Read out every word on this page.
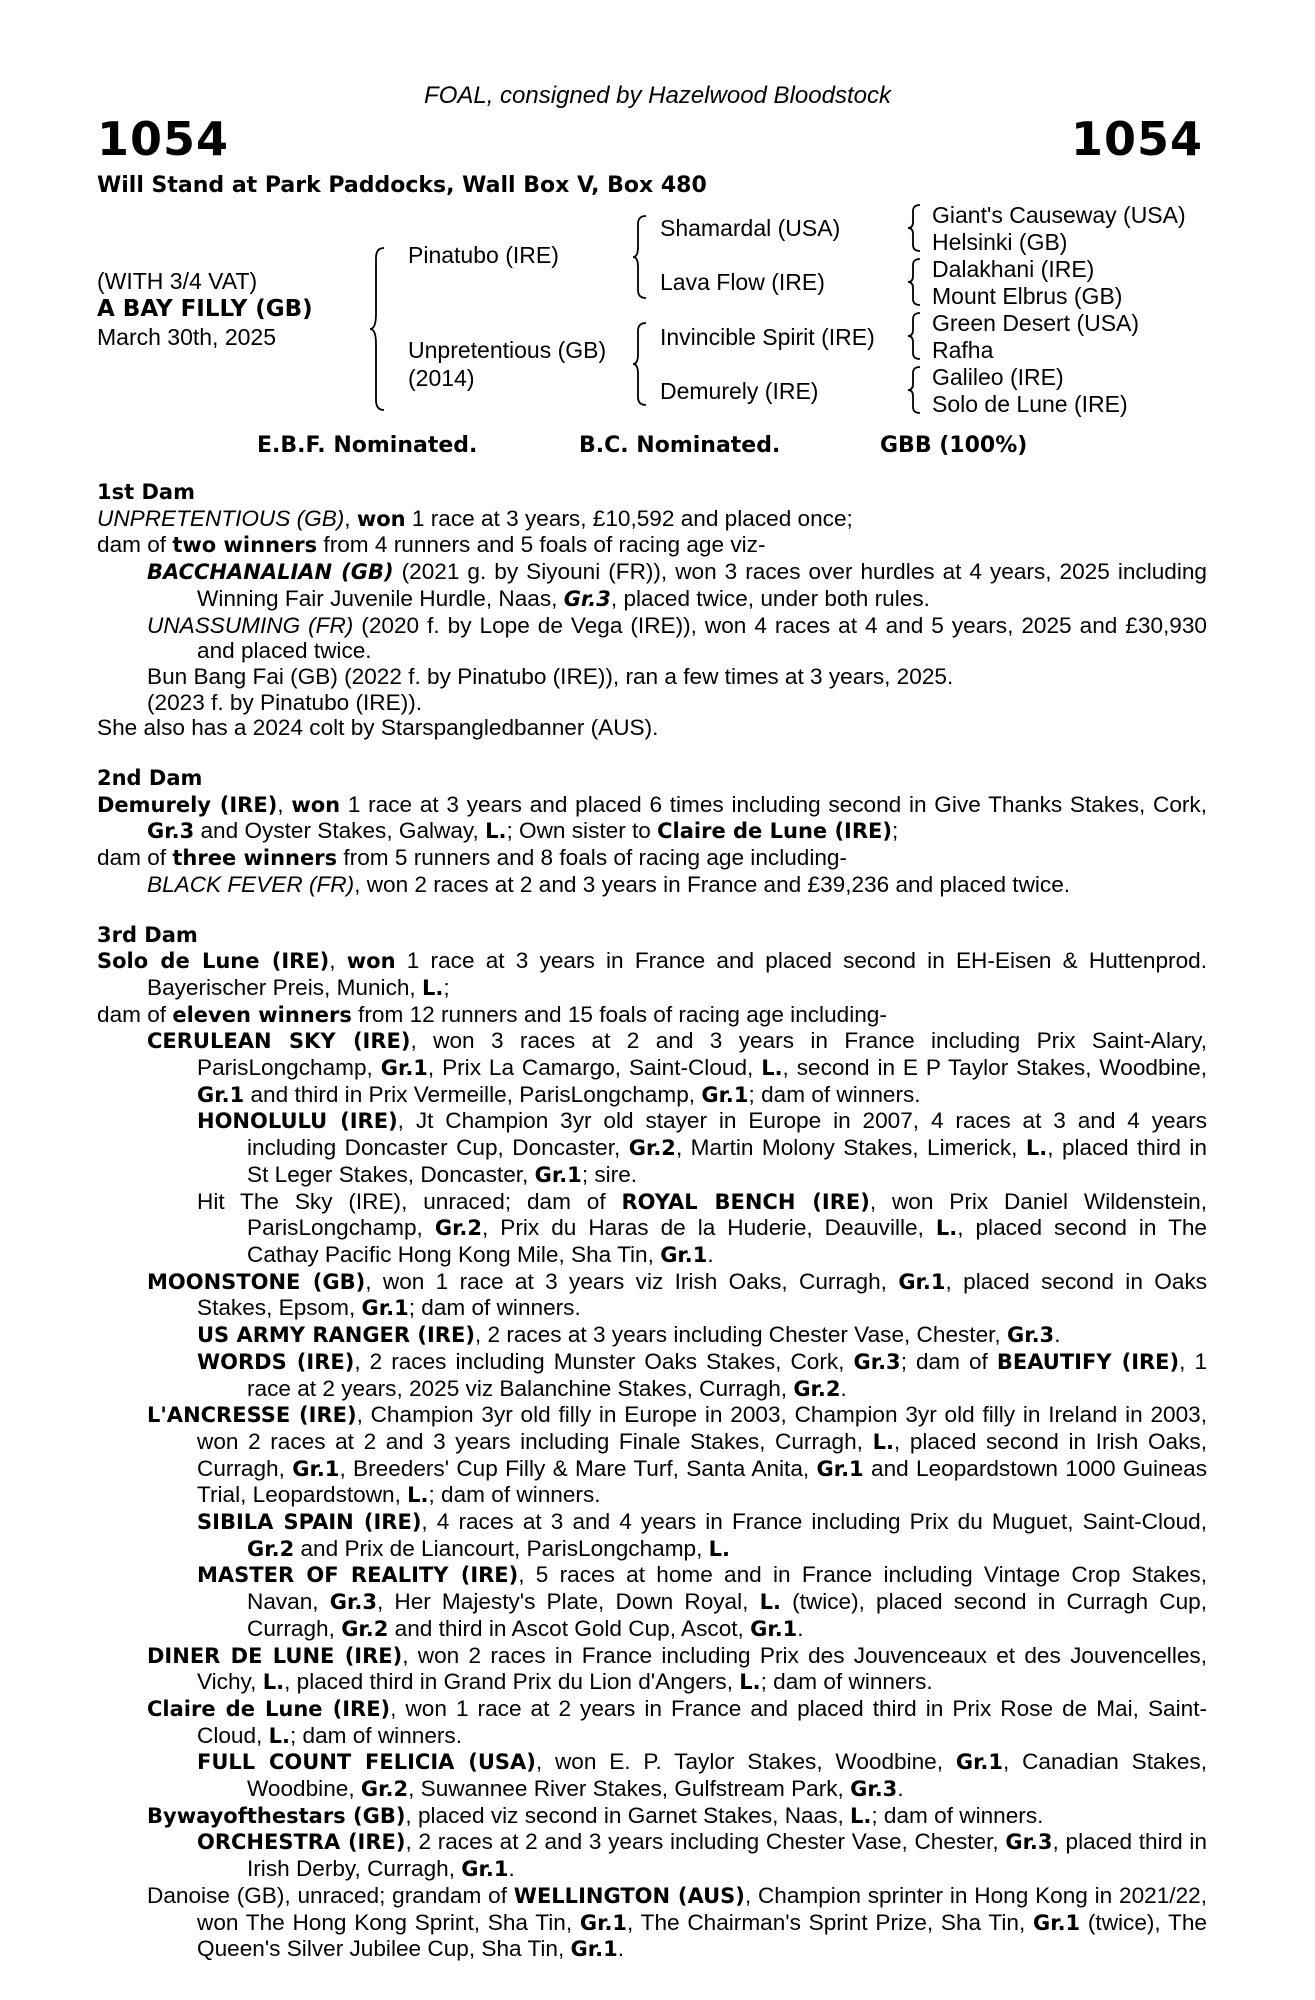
FOAL, consigned by Hazelwood Bloodstock
1054	1054
Will Stand at Park Paddocks, Wall Box V, Box 480
(WITH 3/4 VAT)
A BAY FILLY (GB)
March 30th, 2025
Pinatubo (IRE)
Unpretentious (GB)
(2014)
Shamardal (USA)
Lava Flow (IRE)
Invincible Spirit (IRE)
Demurely (IRE)
Giant's Causeway (USA)
Helsinki (GB)
Dalakhani (IRE)
Mount Elbrus (GB)
Green Desert (USA)
Rafha
Galileo (IRE)
Solo de Lune (IRE)
E.B.F. Nominated.	B.C. Nominated.	GBB (100%)
1st Dam
UNPRETENTIOUS (GB), won 1 race at 3 years, £10,592 and placed once;
dam of two winners from 4 runners and 5 foals of racing age viz-
BACCHANALIAN (GB) (2021 g. by Siyouni (FR)), won 3 races over hurdles at 4 years, 2025 including Winning Fair Juvenile Hurdle, Naas, Gr.3, placed twice, under both rules.
UNASSUMING (FR) (2020 f. by Lope de Vega (IRE)), won 4 races at 4 and 5 years, 2025 and £30,930 and placed twice.
Bun Bang Fai (GB) (2022 f. by Pinatubo (IRE)), ran a few times at 3 years, 2025.
(2023 f. by Pinatubo (IRE)).
She also has a 2024 colt by Starspangledbanner (AUS).
2nd Dam
Demurely (IRE), won 1 race at 3 years and placed 6 times including second in Give Thanks Stakes, Cork, Gr.3 and Oyster Stakes, Galway, L.; Own sister to Claire de Lune (IRE);
dam of three winners from 5 runners and 8 foals of racing age including-
BLACK FEVER (FR), won 2 races at 2 and 3 years in France and £39,236 and placed twice.
3rd Dam
Solo de Lune (IRE), won 1 race at 3 years in France and placed second in EH-Eisen & Huttenprod. Bayerischer Preis, Munich, L.;
dam of eleven winners from 12 runners and 15 foals of racing age including-
CERULEAN SKY (IRE), won 3 races at 2 and 3 years in France including Prix Saint-Alary, ParisLongchamp, Gr.1, Prix La Camargo, Saint-Cloud, L., second in E P Taylor Stakes, Woodbine, Gr.1 and third in Prix Vermeille, ParisLongchamp, Gr.1; dam of winners.
HONOLULU (IRE), Jt Champion 3yr old stayer in Europe in 2007, 4 races at 3 and 4 years including Doncaster Cup, Doncaster, Gr.2, Martin Molony Stakes, Limerick, L., placed third in St Leger Stakes, Doncaster, Gr.1; sire.
Hit The Sky (IRE), unraced; dam of ROYAL BENCH (IRE), won Prix Daniel Wildenstein, ParisLongchamp, Gr.2, Prix du Haras de la Huderie, Deauville, L., placed second in The Cathay Pacific Hong Kong Mile, Sha Tin, Gr.1.
MOONSTONE (GB), won 1 race at 3 years viz Irish Oaks, Curragh, Gr.1, placed second in Oaks Stakes, Epsom, Gr.1; dam of winners.
US ARMY RANGER (IRE), 2 races at 3 years including Chester Vase, Chester, Gr.3.
WORDS (IRE), 2 races including Munster Oaks Stakes, Cork, Gr.3; dam of BEAUTIFY (IRE), 1 race at 2 years, 2025 viz Balanchine Stakes, Curragh, Gr.2.
L'ANCRESSE (IRE), Champion 3yr old filly in Europe in 2003, Champion 3yr old filly in Ireland in 2003, won 2 races at 2 and 3 years including Finale Stakes, Curragh, L., placed second in Irish Oaks, Curragh, Gr.1, Breeders' Cup Filly & Mare Turf, Santa Anita, Gr.1 and Leopardstown 1000 Guineas Trial, Leopardstown, L.; dam of winners.
SIBILA SPAIN (IRE), 4 races at 3 and 4 years in France including Prix du Muguet, Saint-Cloud, Gr.2 and Prix de Liancourt, ParisLongchamp, L.
MASTER OF REALITY (IRE), 5 races at home and in France including Vintage Crop Stakes, Navan, Gr.3, Her Majesty's Plate, Down Royal, L. (twice), placed second in Curragh Cup, Curragh, Gr.2 and third in Ascot Gold Cup, Ascot, Gr.1.
DINER DE LUNE (IRE), won 2 races in France including Prix des Jouvenceaux et des Jouvencelles, Vichy, L., placed third in Grand Prix du Lion d'Angers, L.; dam of winners.
Claire de Lune (IRE), won 1 race at 2 years in France and placed third in Prix Rose de Mai, Saint-Cloud, L.; dam of winners.
FULL COUNT FELICIA (USA), won E. P. Taylor Stakes, Woodbine, Gr.1, Canadian Stakes, Woodbine, Gr.2, Suwannee River Stakes, Gulfstream Park, Gr.3.
Bywayofthestars (GB), placed viz second in Garnet Stakes, Naas, L.; dam of winners.
ORCHESTRA (IRE), 2 races at 2 and 3 years including Chester Vase, Chester, Gr.3, placed third in Irish Derby, Curragh, Gr.1.
Danoise (GB), unraced; grandam of WELLINGTON (AUS), Champion sprinter in Hong Kong in 2021/22, won The Hong Kong Sprint, Sha Tin, Gr.1, The Chairman's Sprint Prize, Sha Tin, Gr.1 (twice), The Queen's Silver Jubilee Cup, Sha Tin, Gr.1.
